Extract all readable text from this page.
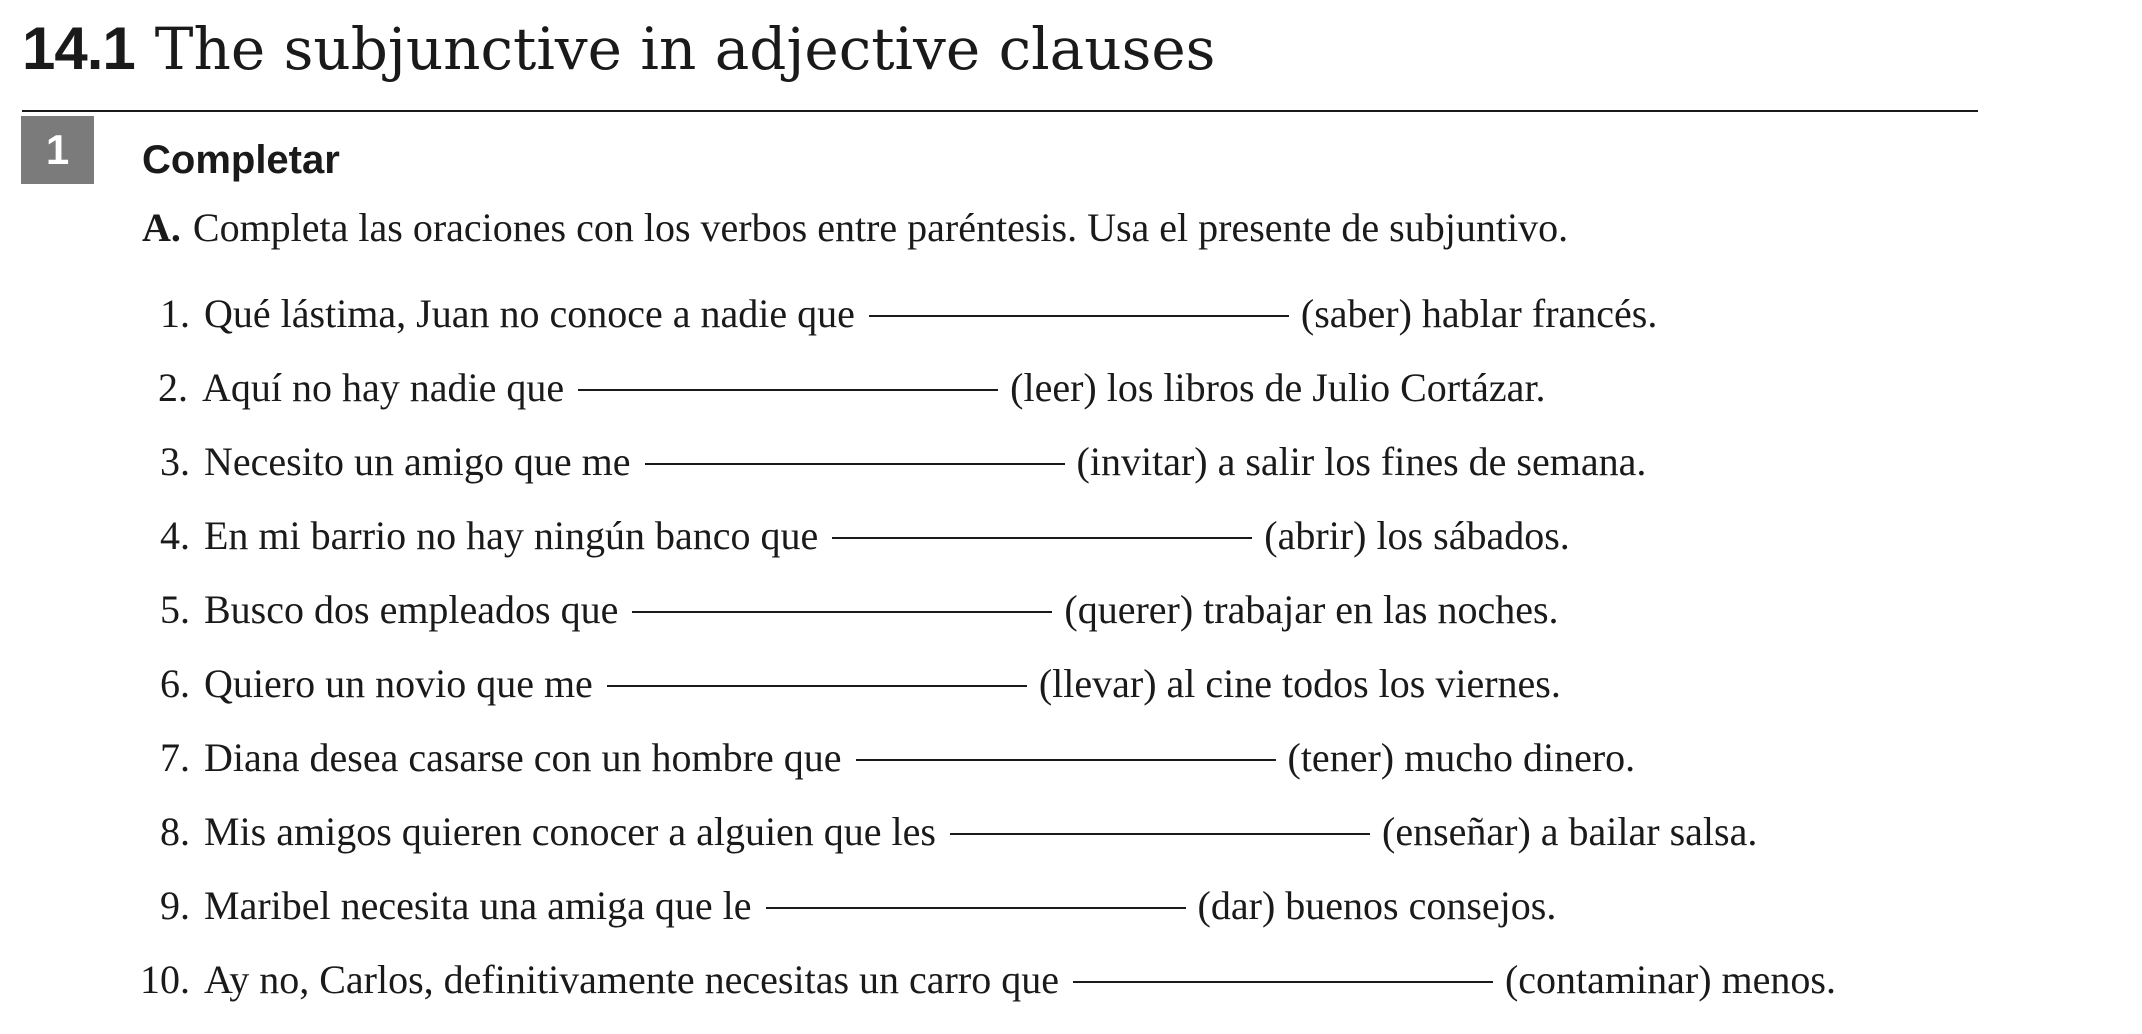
14.1 The subjunctive in adjective clauses
1	Completar
A. Completa las oraciones con los verbos entre paréntesis. Usa el presente de subjuntivo.
1. Qué lástima, Juan no conoce a nadie que	(saber) hablar francés.
2. Aquí no hay nadie que	(leer) los libros de Julio Cortázar.
3. Necesito un amigo que me	(invitar) a salir los fines de semana.
4. En mi barrio no hay ningún banco que	(abrir) los sábados.
5. Busco dos empleados que	(querer) trabajar en las noches.
6. Quiero un novio que me	(llevar) al cine todos los viernes.
7. Diana desea casarse con un hombre que	(tener) mucho dinero.
8. Mis amigos quieren conocer a alguien que les	(enseñar) a bailar salsa.
9. Maribel necesita una amiga que le	(dar) buenos consejos.
10. Ay no, Carlos, definitivamente necesitas un carro que	(contaminar) menos.
